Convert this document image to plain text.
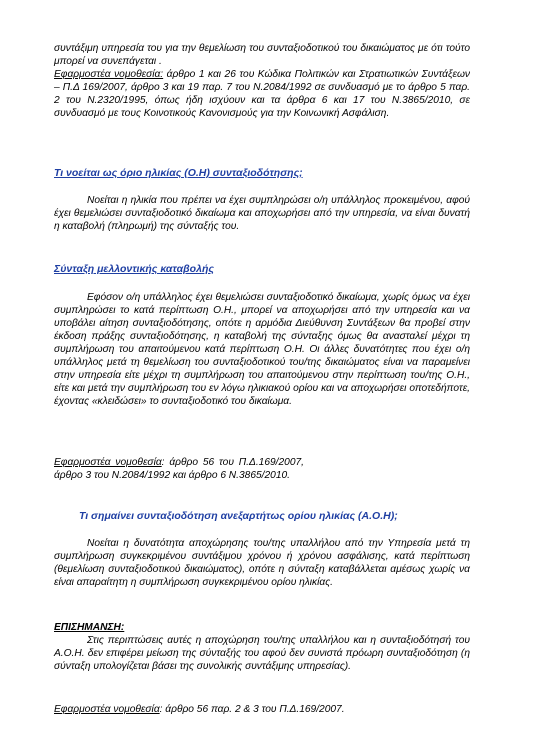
συντάξιμη υπηρεσία του για την θεμελίωση του συνταξιοδοτικού του δικαιώματος με ότι τούτο μπορεί να συνεπάγεται .
Εφαρμοστέα νομοθεσία: άρθρο 1 και 26 του Κώδικα Πολιτικών και Στρατιωτικών Συντάξεων – Π.Δ 169/2007, άρθρο 3 και 19 παρ. 7 του Ν.2084/1992 σε συνδυασμό με το άρθρο 5 παρ. 2 του Ν.2320/1995, όπως ήδη ισχύουν και τα άρθρα 6 και 17 του Ν.3865/2010, σε συνδυασμό με τους Κοινοτικούς Κανονισμούς για την Κοινωνική Ασφάλιση.

Τι νοείται ως όριο ηλικίας (Ο.Η) συνταξιοδότησης;

Νοείται η ηλικία που πρέπει να έχει συμπληρώσει ο/η υπάλληλος προκειμένου, αφού έχει θεμελιώσει συνταξιοδοτικό δικαίωμα και αποχωρήσει από την υπηρεσία, να είναι δυνατή η καταβολή (πληρωμή) της σύνταξής του.

Σύνταξη μελλοντικής καταβολής

Εφόσον ο/η υπάλληλος έχει θεμελιώσει συνταξιοδοτικό δικαίωμα, χωρίς όμως να έχει συμπληρώσει το κατά περίπτωση Ο.Η., μπορεί να αποχωρήσει από την υπηρεσία και να υποβάλει αίτηση συνταξιοδότησης, οπότε η αρμόδια Διεύθυνση Συντάξεων θα προβεί στην έκδοση πράξης συνταξιοδότησης, η καταβολή της σύνταξης όμως θα ανασταλεί μέχρι τη συμπλήρωση του απαιτούμενου κατά περίπτωση Ο.Η. Οι άλλες δυνατότητες που έχει ο/η υπάλληλος μετά τη θεμελίωση του συνταξιοδοτικού του/της δικαιώματος είναι να παραμείνει στην υπηρεσία είτε μέχρι τη συμπλήρωση του απαιτούμενου στην περίπτωση του/της Ο.Η., είτε και μετά την συμπλήρωση του εν λόγω ηλικιακού ορίου και να αποχωρήσει οποτεδήποτε, έχοντας «κλειδώσει» το συνταξιοδοτικό του δικαίωμα.

Εφαρμοστέα νομοθεσία: άρθρο 56 του Π.Δ.169/2007, άρθρο 3 του Ν.2084/1992 και άρθρο 6 Ν.3865/2010.

Τι σημαίνει συνταξιοδότηση ανεξαρτήτως ορίου ηλικίας (Α.Ο.Η);

Νοείται η δυνατότητα αποχώρησης του/της υπαλλήλου από την Υπηρεσία μετά τη συμπλήρωση συγκεκριμένου συντάξιμου χρόνου ή χρόνου ασφάλισης, κατά περίπτωση (θεμελίωση συνταξιοδοτικού δικαιώματος), οπότε η σύνταξη καταβάλλεται αμέσως χωρίς να είναι απαραίτητη η συμπλήρωση συγκεκριμένου ορίου ηλικίας.

ΕΠΙΣΗΜΑΝΣΗ:

Στις περιπτώσεις αυτές η αποχώρηση του/της υπαλλήλου και η συνταξιοδότησή του Α.Ο.Η. δεν επιφέρει μείωση της σύνταξής του αφού δεν συνιστά πρόωρη συνταξιοδότηση (η σύνταξη υπολογίζεται βάσει της συνολικής συντάξιμης υπηρεσίας).

Εφαρμοστέα νομοθεσία: άρθρο 56 παρ. 2 & 3 του Π.Δ.169/2007.
